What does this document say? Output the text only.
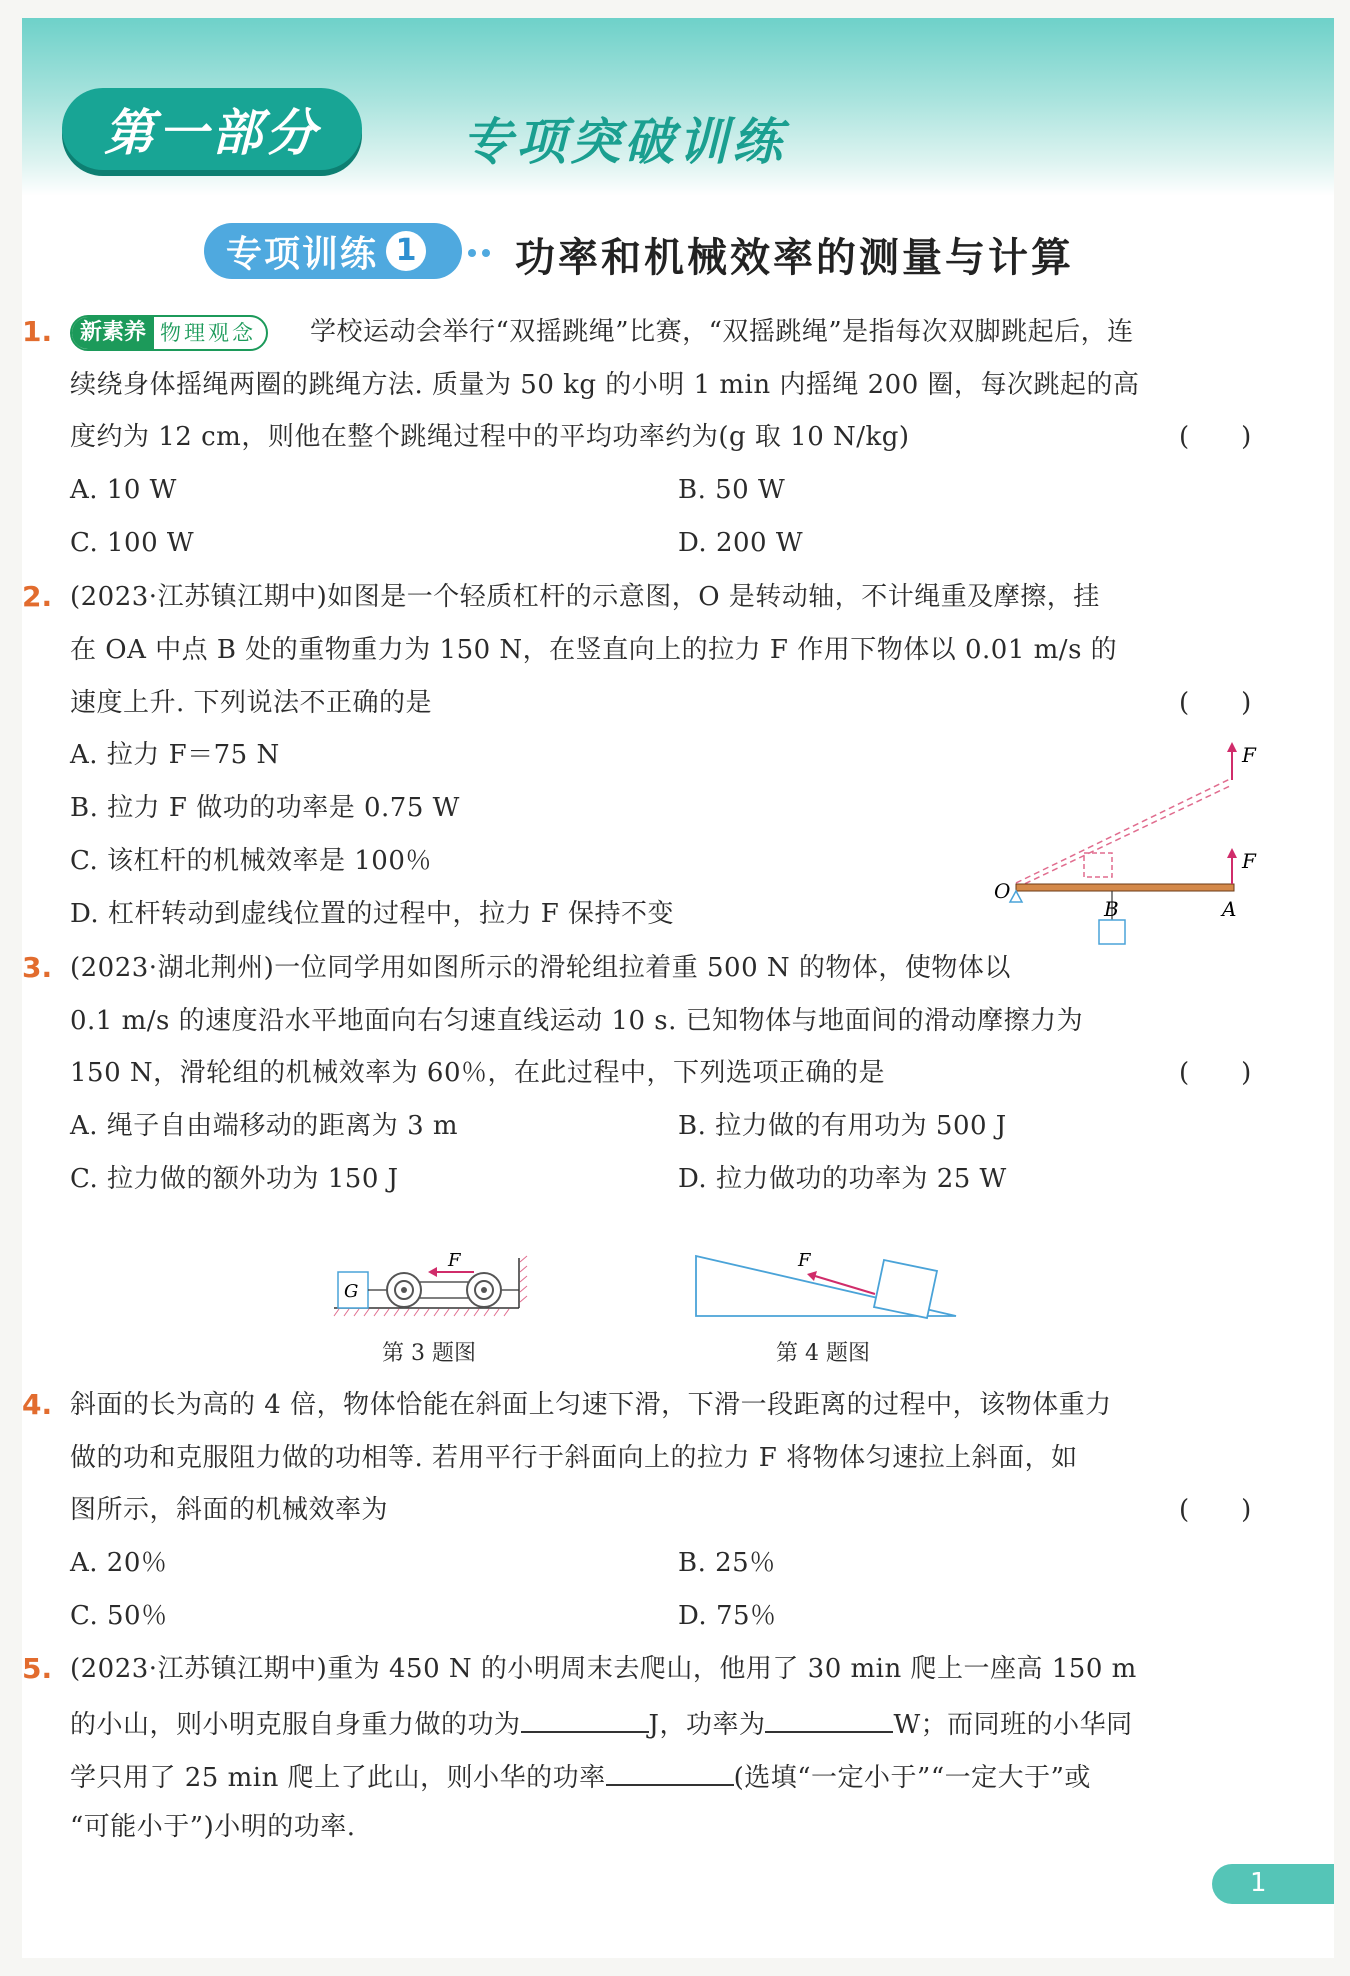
第一部分	专项突破训练
专项训练 1 功率和机械效率的测量与计算
1.	新素养 物理观念	学校运动会举行“双摇跳绳”比赛，“双摇跳绳”是指每次双脚跳起后，连
续绕身体摇绳两圈的跳绳方法. 质量为 50 kg 的小明 1 min 内摇绳 200 圈，每次跳起的高
度约为 12 cm，则他在整个跳绳过程中的平均功率约为(g 取 10 N/kg)	(　　)
A. 10 W	B. 50 W
C. 100 W	D. 200 W
2. (2023·江苏镇江期中)如图是一个轻质杠杆的示意图，O 是转动轴，不计绳重及摩擦，挂
在 OA 中点 B 处的重物重力为 150 N，在竖直向上的拉力 F 作用下物体以 0.01 m/s 的
速度上升. 下列说法不正确的是	(　　)
A. 拉力 F＝75 N
B. 拉力 F 做功的功率是 0.75 W
C. 该杠杆的机械效率是 100％
D. 杠杆转动到虚线位置的过程中，拉力 F 保持不变
O
B	A
F
F
3. (2023·湖北荆州)一位同学用如图所示的滑轮组拉着重 500 N 的物体，使物体以
0.1 m/s 的速度沿水平地面向右匀速直线运动 10 s. 已知物体与地面间的滑动摩擦力为
150 N，滑轮组的机械效率为 60％，在此过程中，下列选项正确的是	(　　)
A. 绳子自由端移动的距离为 3 m	B. 拉力做的有用功为 500 J
C. 拉力做的额外功为 150 J	D. 拉力做功的功率为 25 W
G
F
第 3 题图
F
第 4 题图
4. 斜面的长为高的 4 倍，物体恰能在斜面上匀速下滑，下滑一段距离的过程中，该物体重力
做的功和克服阻力做的功相等. 若用平行于斜面向上的拉力 F 将物体匀速拉上斜面，如
图所示，斜面的机械效率为	(　　)
A. 20％	B. 25％
C. 50％	D. 75％
5. (2023·江苏镇江期中)重为 450 N 的小明周末去爬山，他用了 30 min 爬上一座高 150 m
的小山，则小明克服自身重力做的功为	J，功率为	W；而同班的小华同
学只用了 25 min 爬上了此山，则小华的功率	(选填“一定小于”“一定大于”或
“可能小于”)小明的功率.
1
